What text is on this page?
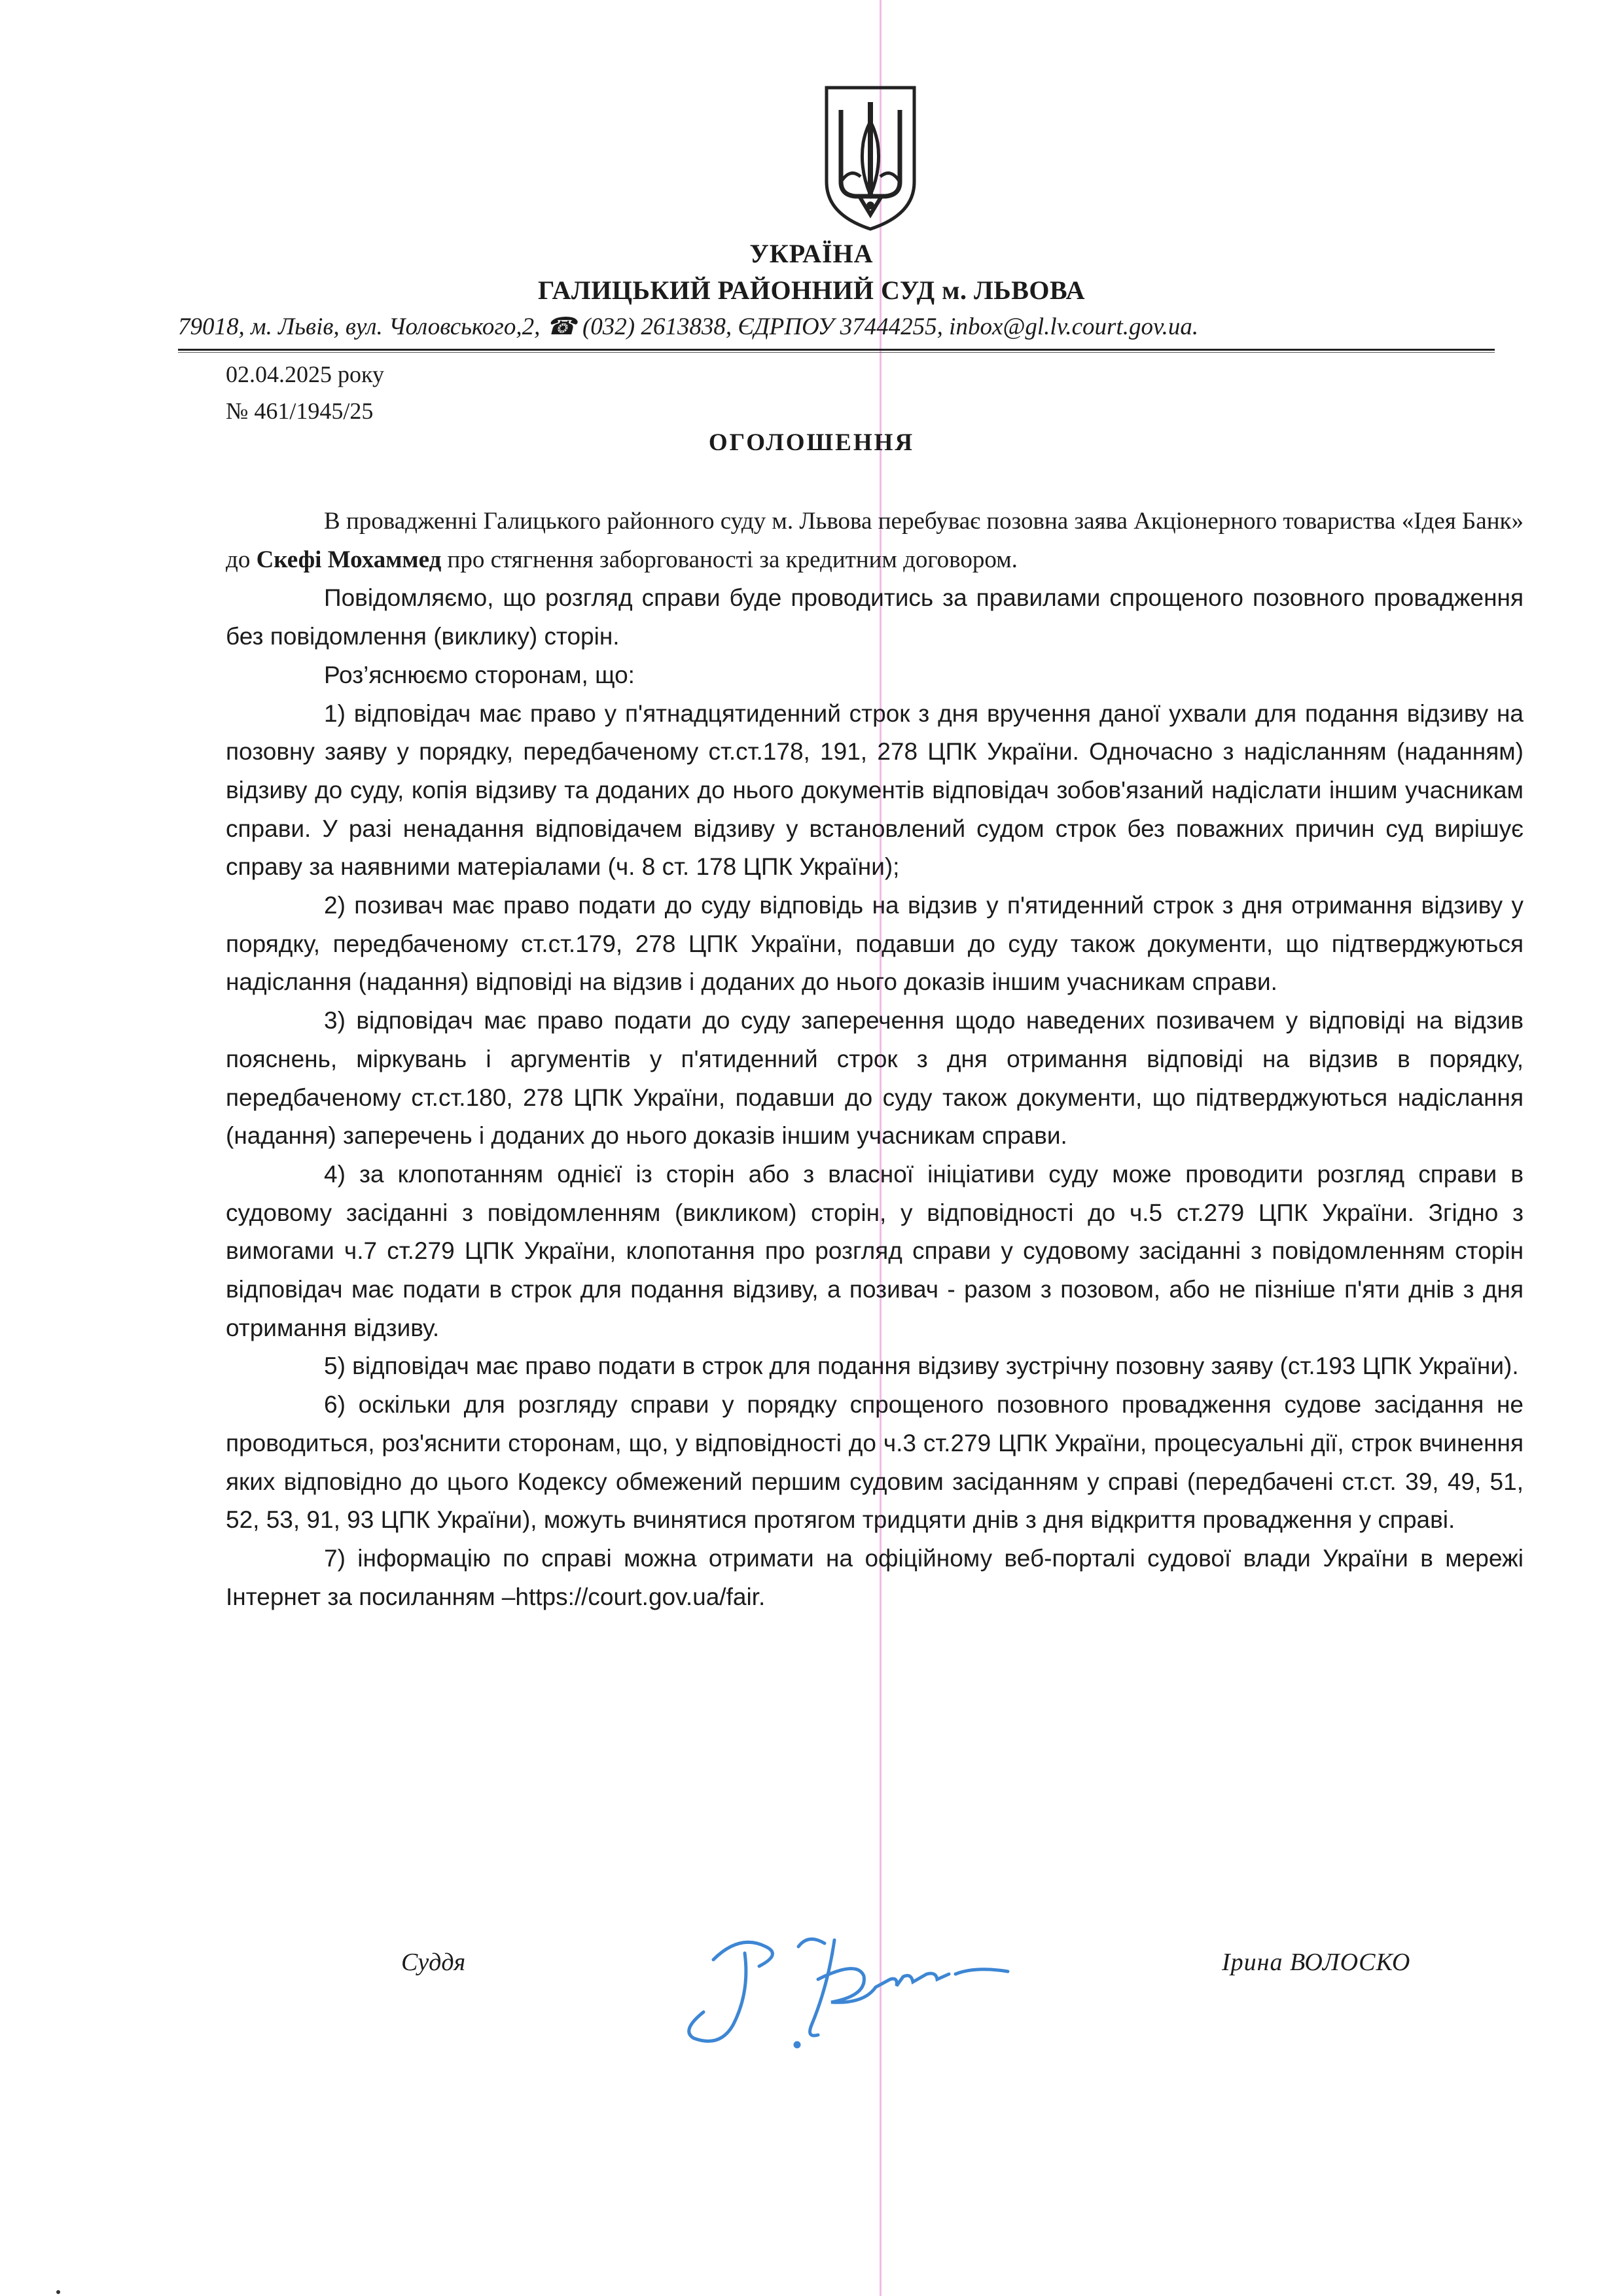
УКРАЇНА
ГАЛИЦЬКИЙ РАЙОННИЙ СУД м. ЛЬВОВА
79018, м. Львів, вул. Чоловського,2, ☎ (032) 2613838, ЄДРПОУ 37444255, inbox@gl.lv.court.gov.ua.
02.04.2025 року
№ 461/1945/25
ОГОЛОШЕННЯ

В провадженні Галицького районного суду м. Львова перебуває позовна заява Акціонерного товариства «Ідея Банк» до Скефі Мохаммед про стягнення заборгованості за кредитним договором.

Повідомляємо, що розгляд справи буде проводитись за правилами спрощеного позовного провадження без повідомлення (виклику) сторін.

Роз’яснюємо сторонам, що:

1) відповідач має право у п'ятнадцятиденний строк з дня вручення даної ухвали для подання відзиву на позовну заяву у порядку, передбаченому ст.ст.178, 191, 278 ЦПК України. Одночасно з надісланням (наданням) відзиву до суду, копія відзиву та доданих до нього документів відповідач зобов'язаний надіслати іншим учасникам справи. У разі ненадання відповідачем відзиву у встановлений судом строк без поважних причин суд вирішує справу за наявними матеріалами (ч. 8 ст. 178 ЦПК України);

2) позивач має право подати до суду відповідь на відзив у п'ятиденний строк з дня отримання відзиву у порядку, передбаченому ст.ст.179, 278 ЦПК України, подавши до суду також документи, що підтверджуються надіслання (надання) відповіді на відзив і доданих до нього доказів іншим учасникам справи.

3) відповідач має право подати до суду заперечення щодо наведених позивачем у відповіді на відзив пояснень, міркувань і аргументів у п'ятиденний строк з дня отримання відповіді на відзив в порядку, передбаченому ст.ст.180, 278 ЦПК України, подавши до суду також документи, що підтверджуються надіслання (надання) заперечень і доданих до нього доказів іншим учасникам справи.

4) за клопотанням однієї із сторін або з власної ініціативи суду може проводити розгляд справи в судовому засіданні з повідомленням (викликом) сторін, у відповідності до ч.5 ст.279 ЦПК України. Згідно з вимогами ч.7 ст.279 ЦПК України, клопотання про розгляд справи у судовому засіданні з повідомленням сторін відповідач має подати в строк для подання відзиву, а позивач - разом з позовом, або не пізніше п'яти днів з дня отримання відзиву.

5) відповідач має право подати в строк для подання відзиву зустрічну позовну заяву (ст.193 ЦПК України).

6) оскільки для розгляду справи у порядку спрощеного позовного провадження судове засідання не проводиться, роз'яснити сторонам, що, у відповідності до ч.3 ст.279 ЦПК України, процесуальні дії, строк вчинення яких відповідно до цього Кодексу обмежений першим судовим засіданням у справі (передбачені ст.ст. 39, 49, 51, 52, 53, 91, 93 ЦПК України), можуть вчинятися протягом тридцяти днів з дня відкриття провадження у справі.

7) інформацію по справі можна отримати на офіційному веб-порталі судової влади України в мережі Інтернет за посиланням –https://court.gov.ua/fair.

Суддя	Ірина ВОЛОСКО
